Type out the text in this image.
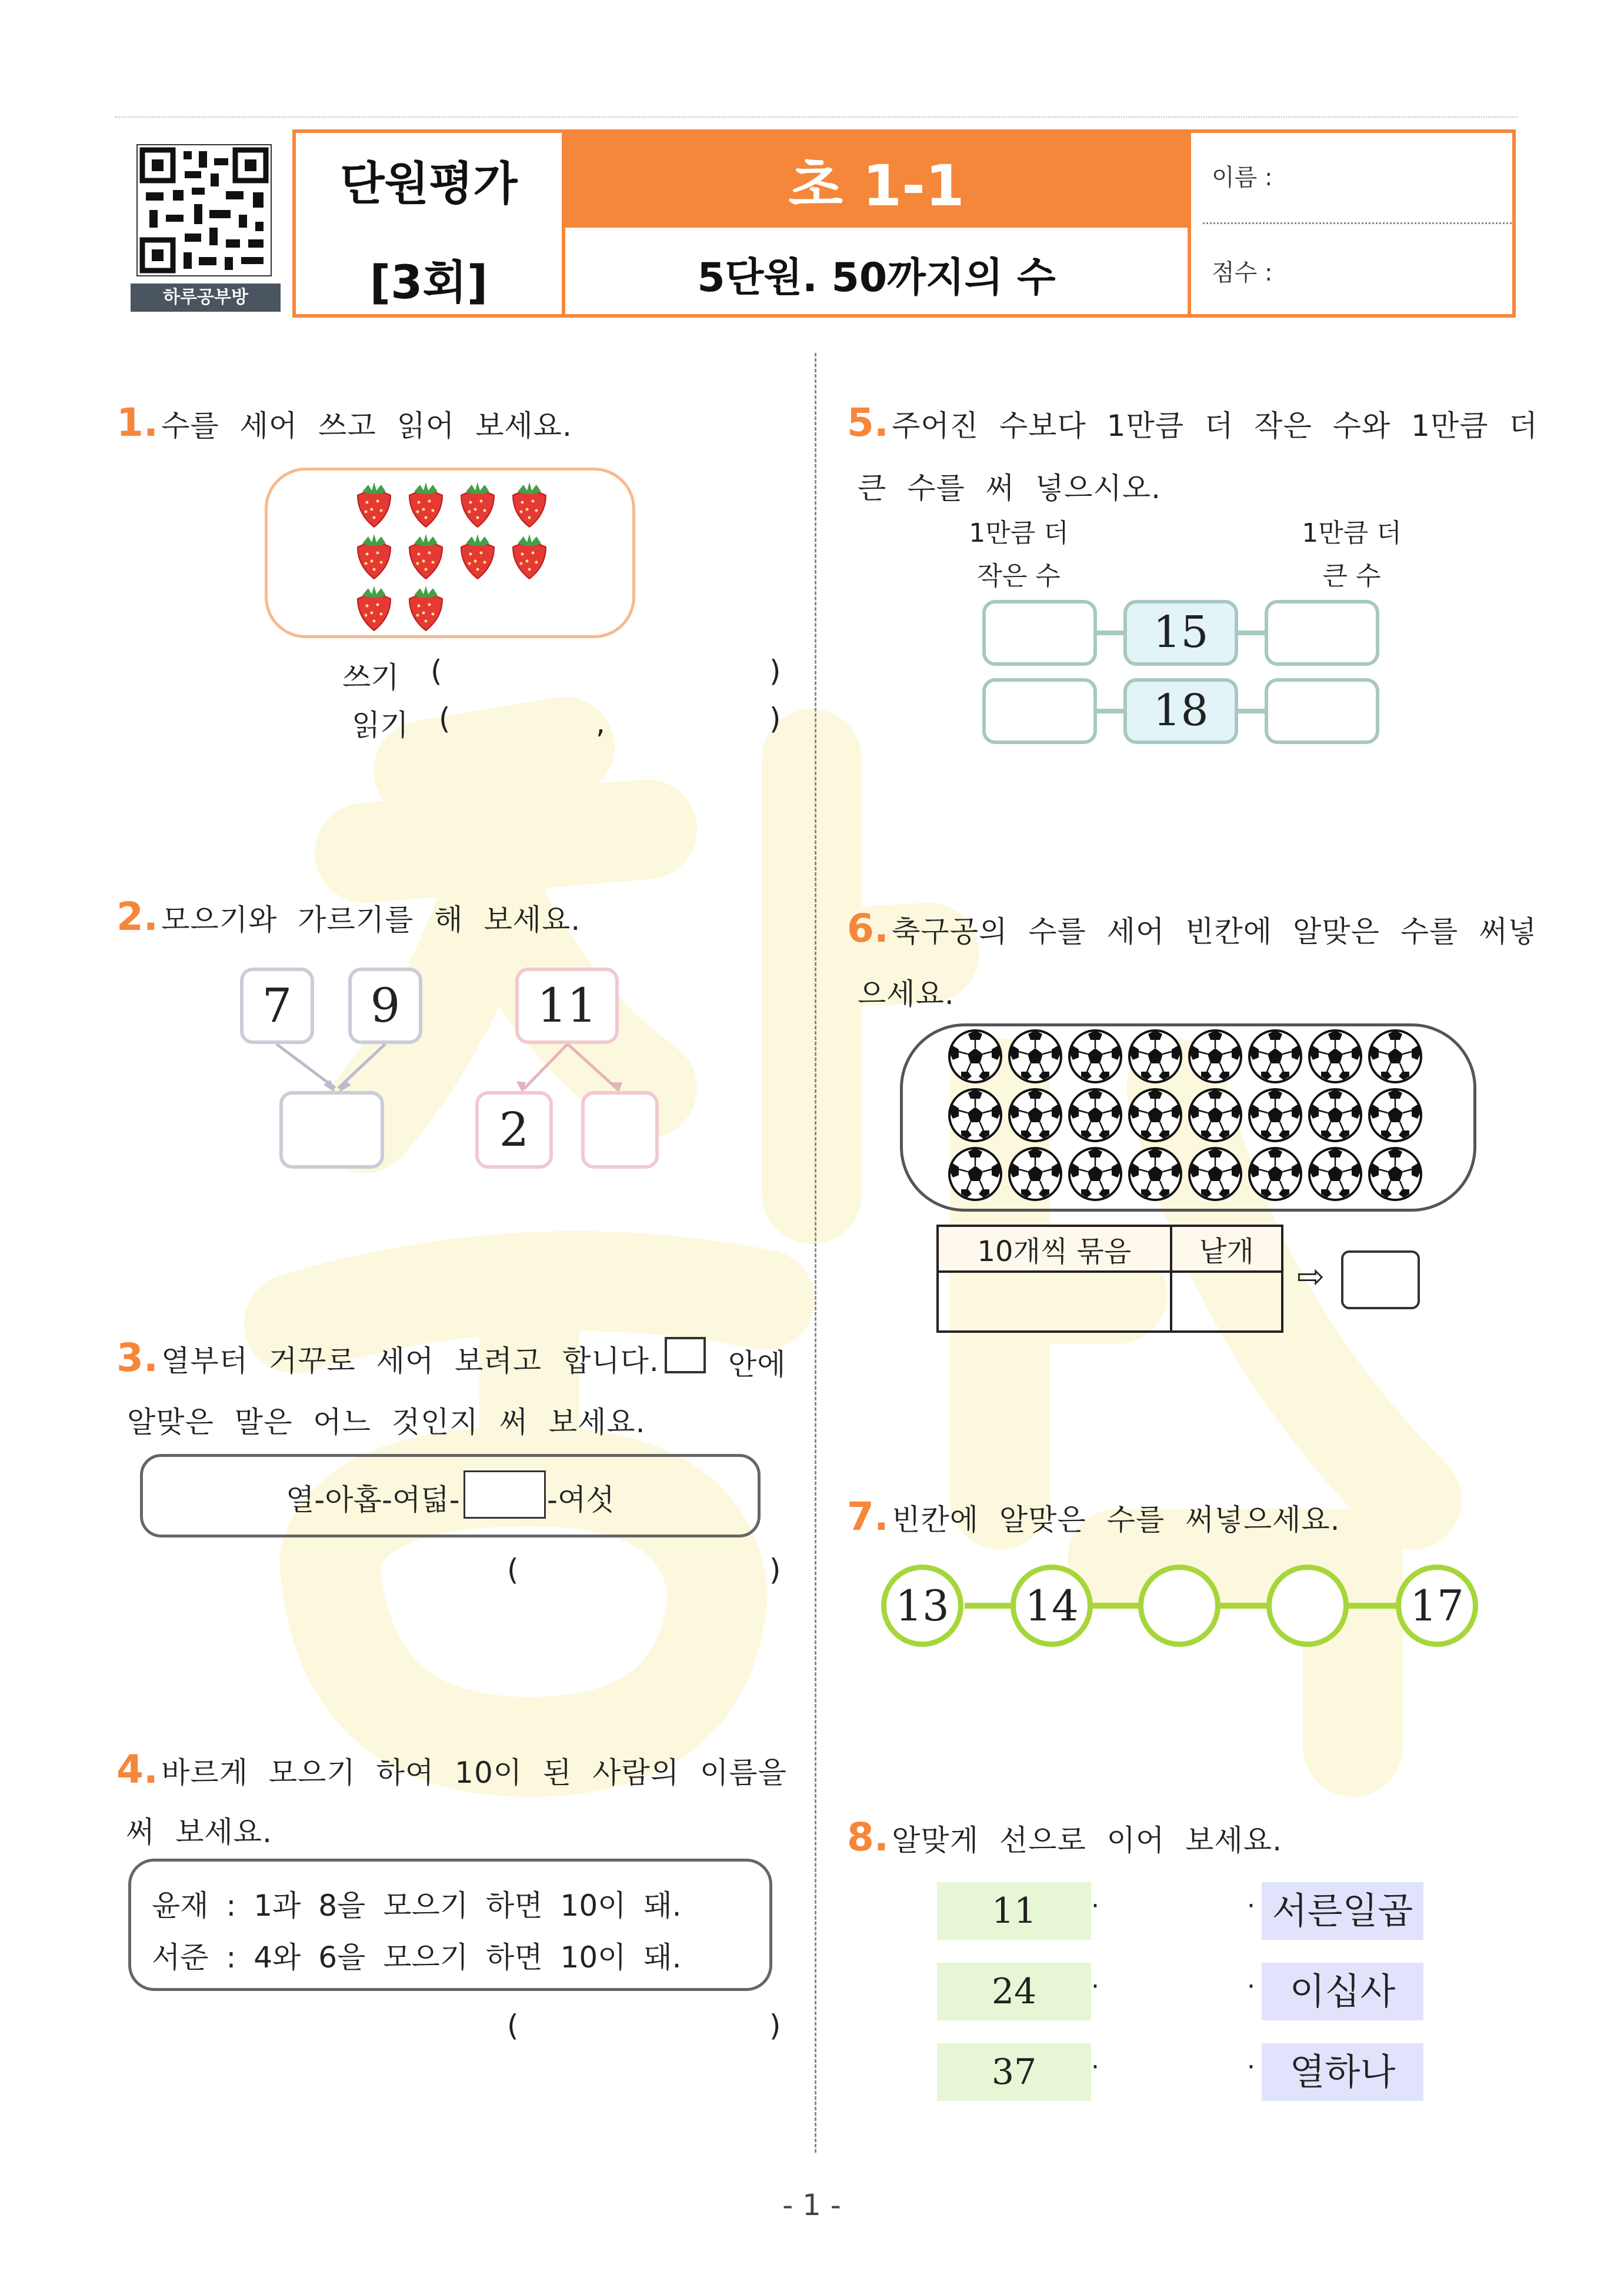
하루공부방
단원평가
[3회]
초 1-1
5단원. 50까지의 수
이름 :
점수 :
1. 수를 세어 쓰고 읽어 보세요.
쓰기 (	)
읽기 (	,	)
2. 모으기와 가르기를 해 보세요.
7	9	11
2
3. 열부터 거꾸로 세어 보려고 합니다. 안에
알맞은 말은 어느 것인지 써 보세요.
열-아홉-여덟-	-여섯
(	)
4. 바르게 모으기 하여 10이 된 사람의 이름을
써 보세요.
윤재 : 1과 8을 모으기 하면 10이 돼.
서준 : 4와 6을 모으기 하면 10이 돼.
(	)
5. 주어진 수보다 1만큼 더 작은 수와 1만큼 더
큰 수를 써 넣으시오.
1만큼 더
작은 수
1만큼 더
큰 수
15
18
6. 축구공의 수를 세어 빈칸에 알맞은 수를 써넣
으세요.
10개씩 묶음	낱개

⇨
7. 빈칸에 알맞은 수를 써넣으세요.
13	14	17
8. 알맞게 선으로 이어 보세요.
11	·	· 서른일곱
24	·	· 이십사
37	·	· 열하나
- 1 -
